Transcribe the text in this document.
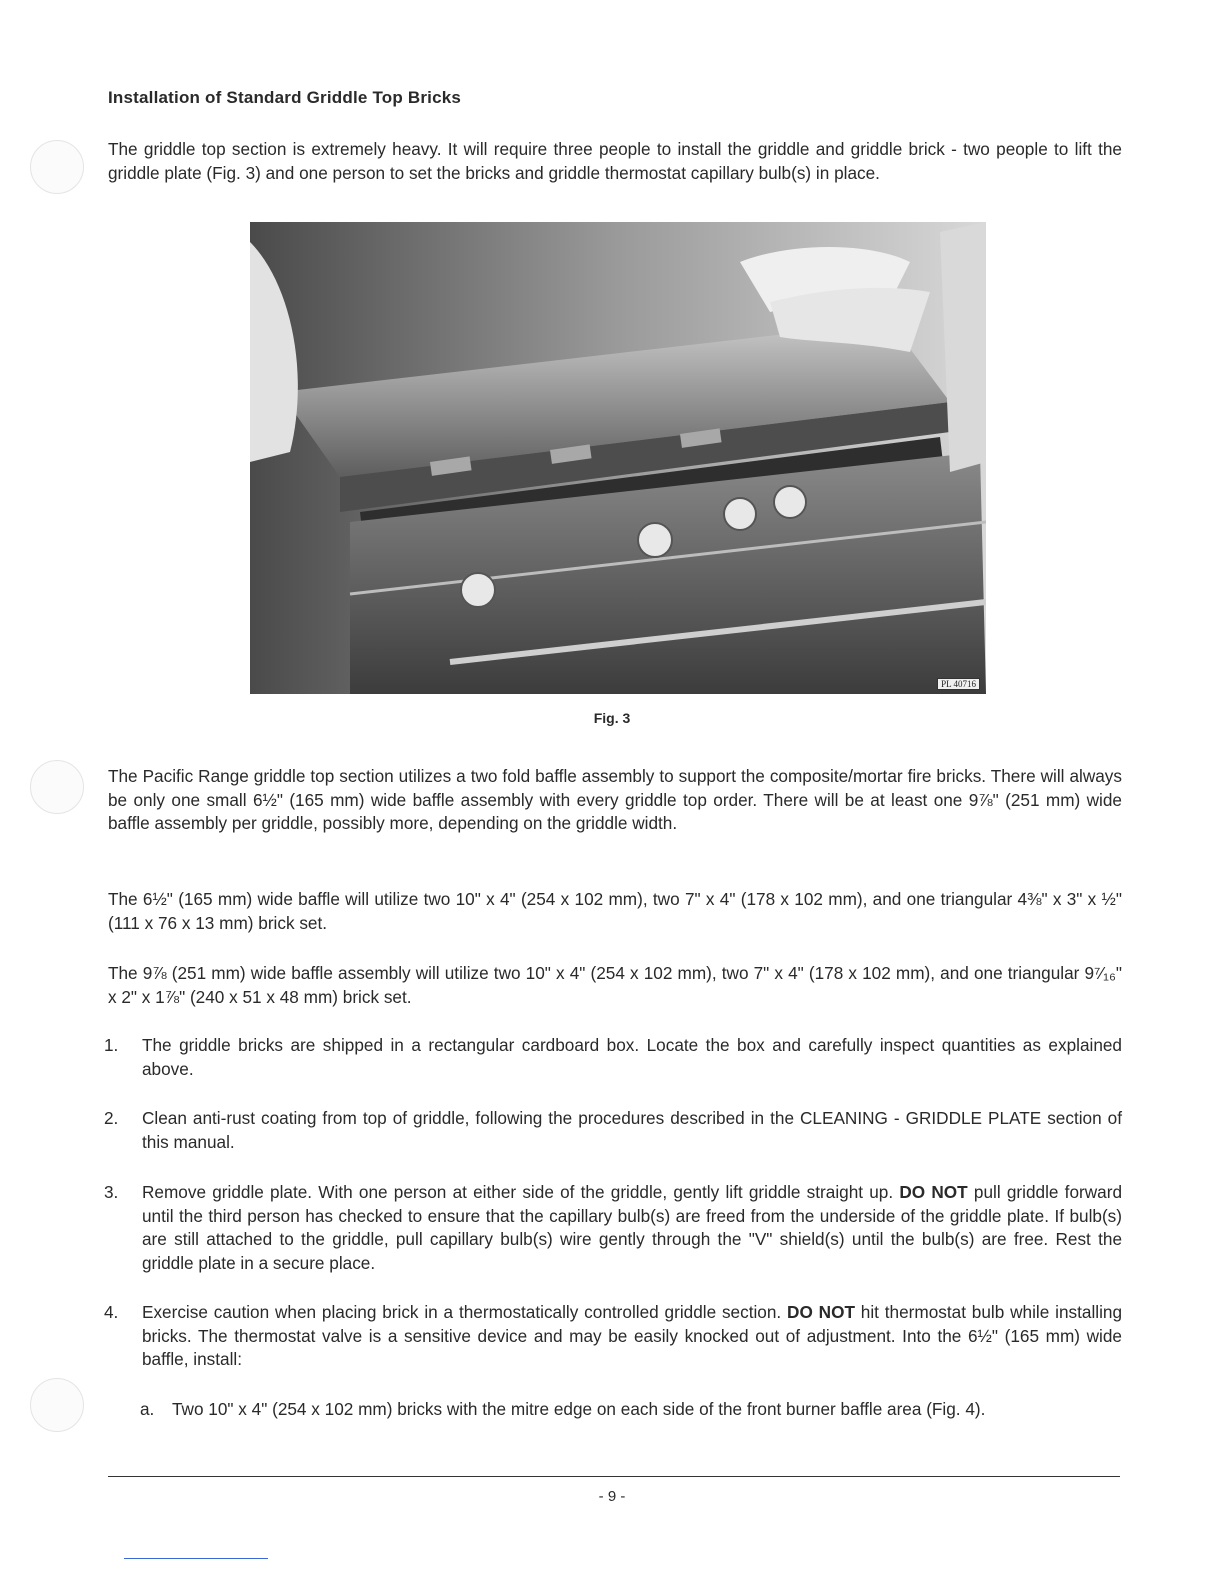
Installation of Standard Griddle Top Bricks

The griddle top section is extremely heavy. It will require three people to install the griddle and griddle brick - two people to lift the griddle plate (Fig. 3) and one person to set the bricks and griddle thermostat capillary bulb(s) in place.

PL 40716
Fig. 3

The Pacific Range griddle top section utilizes a two fold baffle assembly to support the composite/mortar fire bricks. There will always be only one small 6½" (165 mm) wide baffle assembly with every griddle top order. There will be at least one 9⅞" (251 mm) wide baffle assembly per griddle, possibly more, depending on the griddle width.

The 6½" (165 mm) wide baffle will utilize two 10" x 4" (254 x 102 mm), two 7" x 4" (178 x 102 mm), and one triangular 4⅜" x 3" x ½" (111 x 76 x 13 mm) brick set.

The 9⅞ (251 mm) wide baffle assembly will utilize two 10" x 4" (254 x 102 mm), two 7" x 4" (178 x 102 mm), and one triangular 9⁷⁄₁₆" x 2" x 1⅞" (240 x 51 x 48 mm) brick set.

1.	The griddle bricks are shipped in a rectangular cardboard box. Locate the box and carefully inspect quantities as explained above.
2.	Clean anti-rust coating from top of griddle, following the procedures described in the CLEANING - GRIDDLE PLATE section of this manual.
3.	Remove griddle plate. With one person at either side of the griddle, gently lift griddle straight up. DO NOT pull griddle forward until the third person has checked to ensure that the capillary bulb(s) are freed from the underside of the griddle plate. If bulb(s) are still attached to the griddle, pull capillary bulb(s) wire gently through the "V" shield(s) until the bulb(s) are free. Rest the griddle plate in a secure place.
4.	Exercise caution when placing brick in a thermostatically controlled griddle section. DO NOT hit thermostat bulb while installing bricks. The thermostat valve is a sensitive device and may be easily knocked out of adjustment. Into the 6½" (165 mm) wide baffle, install:
a. Two 10" x 4" (254 x 102 mm) bricks with the mitre edge on each side of the front burner baffle area (Fig. 4).
- 9 -
